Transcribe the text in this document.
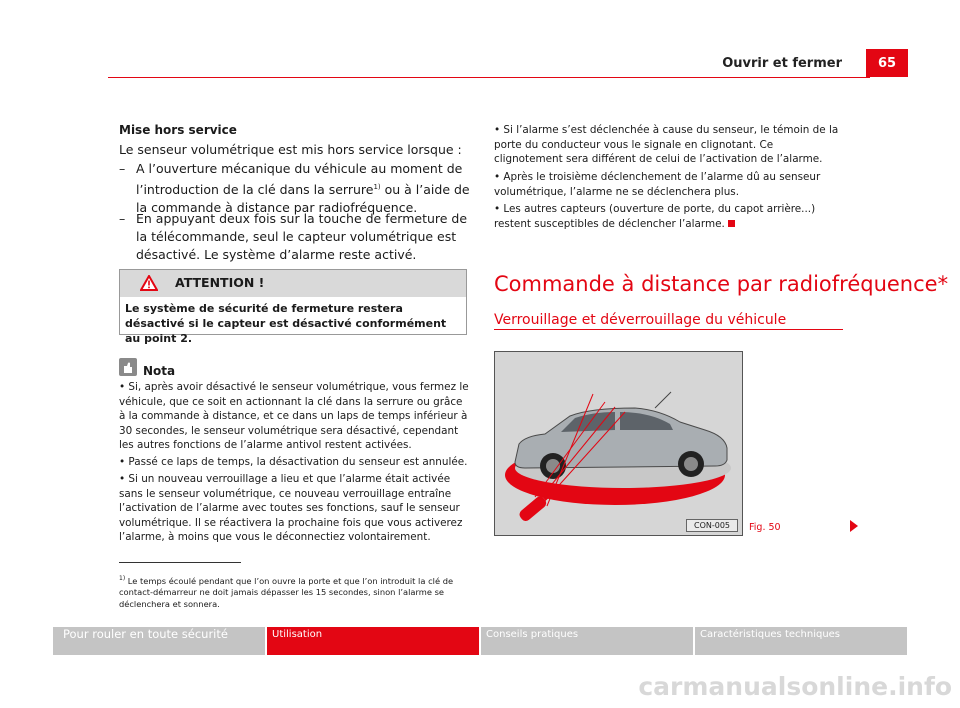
Ouvrir et fermer	65
Mise hors service
Le senseur volumétrique est mis hors service lorsque :
– A l’ouverture mécanique du véhicule au moment de l’introduction de la clé dans la serrure$^{1)}$ ou à l’aide de la commande à distance par radiofréquence.
– En appuyant deux fois sur la touche de fermeture de la télécommande, seul le capteur volumétrique est désactivé. Le système d’alarme reste activé.
ATTENTION !
Le système de sécurité de fermeture restera désactivé si le capteur est désactivé conformément au point 2.
Nota
• Si, après avoir désactivé le senseur volumétrique, vous fermez le véhicule, que ce soit en actionnant la clé dans la serrure ou grâce à la commande à distance, et ce dans un laps de temps inférieur à 30 secondes, le senseur volumétrique sera désactivé, cependant les autres fonctions de l’alarme antivol restent activées.
• Passé ce laps de temps, la désactivation du senseur est annulée.
• Si un nouveau verrouillage a lieu et que l’alarme était activée sans le senseur volumétrique, ce nouveau verrouillage entraîne l’activation de l’alarme avec toutes ses fonctions, sauf le senseur volumétrique. Il se réactivera la prochaine fois que vous activerez l’alarme, à moins que vous le déconnectiez volontairement.
$^{1)}$ Le temps écoulé pendant que l’on ouvre la porte et que l’on introduit la clé de contact-démarreur ne doit jamais dépasser les 15 secondes, sinon l’alarme se déclenchera et sonnera.
• Si l’alarme s’est déclenchée à cause du senseur, le témoin de la porte du conducteur vous le signale en clignotant. Ce clignotement sera différent de celui de l’activation de l’alarme.
• Après le troisième déclenchement de l’alarme dû au senseur volumétrique, l’alarme ne se déclenchera plus.
• Les autres capteurs (ouverture de porte, du capot arrière...) restent susceptibles de déclencher l’alarme.
Commande à distance par radiofréquence*
Verrouillage et déverrouillage du véhicule
CON-005	Fig. 50
Pour rouler en toute sécurité	Utilisation	Conseils pratiques	Caractéristiques techniques
carmanualsonline.info
